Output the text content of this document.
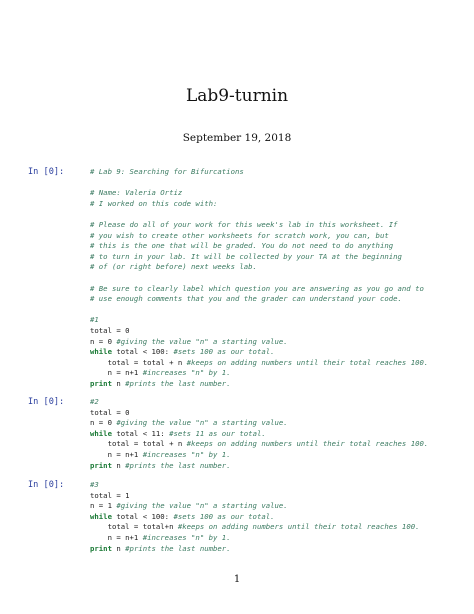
Lab9-turnin
September 19, 2018
In [0]:	# Lab 9: Searching for Bifurcations

# Name: Valeria Ortiz
# I worked on this code with:

# Please do all of your work for this week's lab in this worksheet. If
# you wish to create other worksheets for scratch work, you can, but
# this is the one that will be graded. You do not need to do anything
# to turn in your lab. It will be collected by your TA at the beginning
# of (or right before) next weeks lab.

# Be sure to clearly label which question you are answering as you go and to
# use enough comments that you and the grader can understand your code.

#1
total = 0
n = 0 #giving the value "n" a starting value.
while total < 100: #sets 100 as our total.
total = total + n #keeps on adding numbers until their total reaches 100.
n = n+1 #increases "n" by 1.
print n #prints the last number.
In [0]:	#2
total = 0
n = 0 #giving the value "n" a starting value.
while total < 11: #sets 11 as our total.
total = total + n #keeps on adding numbers until their total reaches 100.
n = n+1 #increases "n" by 1.
print n #prints the last number.
In [0]:	#3
total = 1
n = 1 #giving the value "n" a starting value.
while total < 100: #sets 100 as our total.
total = total+n #keeps on adding numbers until their total reaches 100.
n = n+1 #increases "n" by 1.
print n #prints the last number.
1
